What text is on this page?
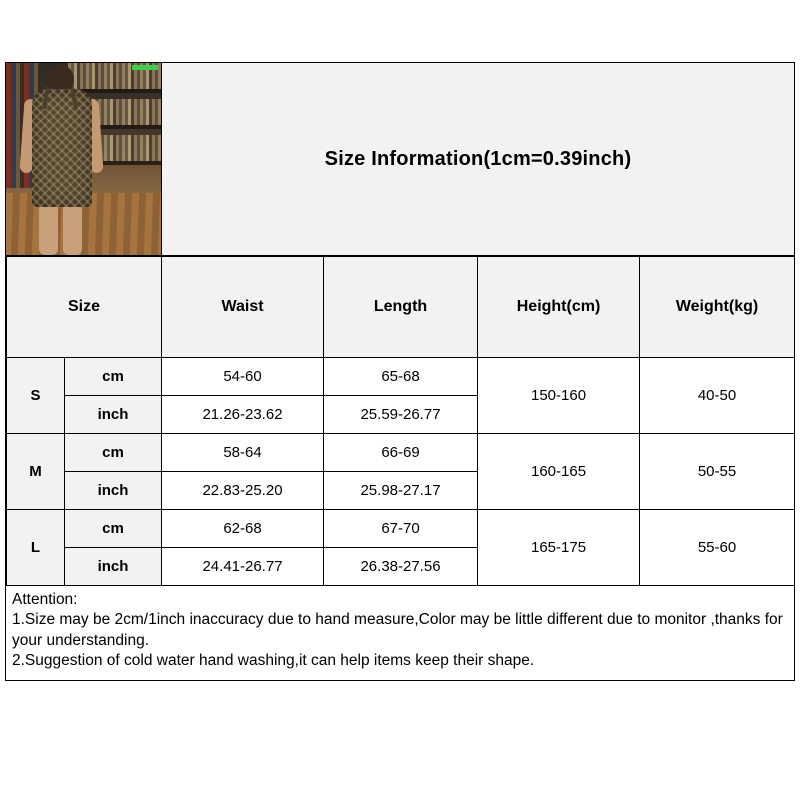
Size Information(1cm=0.39inch)
Size		Waist	Length	Height(cm)	Weight(kg)
S	cm	54-60	65-68	150-160	40-50
	inch	21.26-23.62	25.59-26.77		
M	cm	58-64	66-69	160-165	50-55
	inch	22.83-25.20	25.98-27.17		
L	cm	62-68	67-70	165-175	55-60
	inch	24.41-26.77	26.38-27.56		
Attention:
1.Size may be 2cm/1inch inaccuracy due to hand measure,Color may be little different due to monitor ,thanks for your understanding.
2.Suggestion of cold water hand washing,it can help items keep their shape.
